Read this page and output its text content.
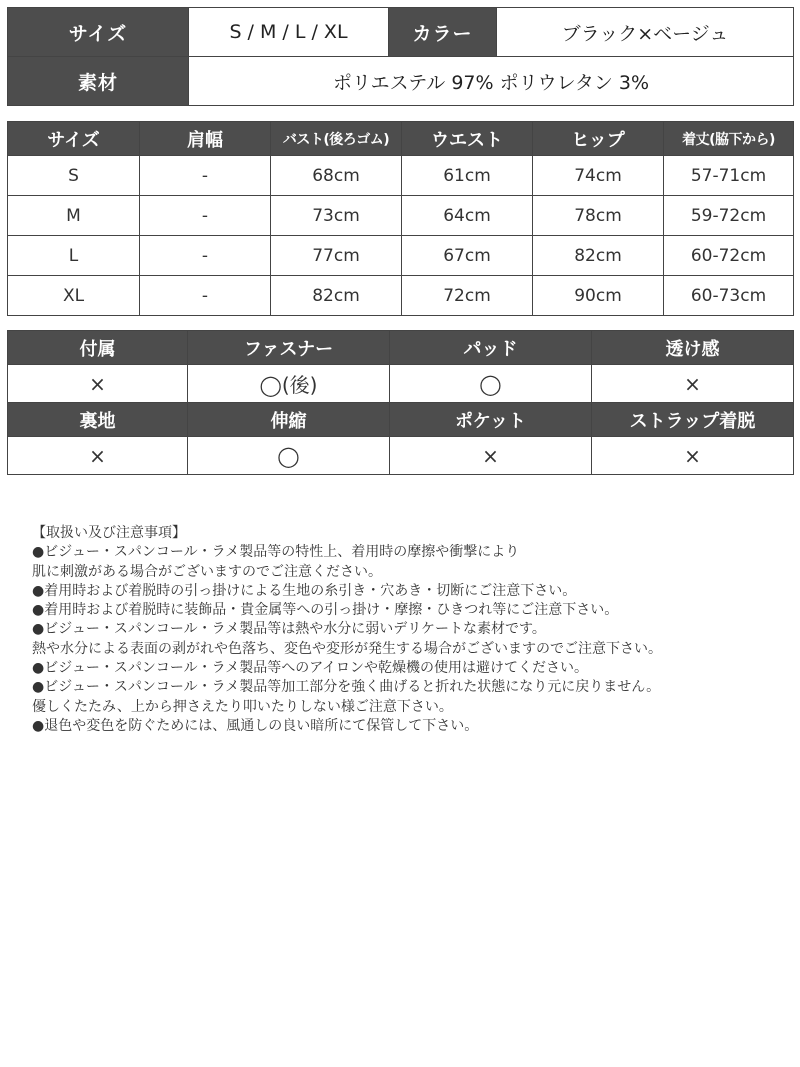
サイズ	S / M / L / XL	カラー	ブラック×ベージュ
素材	ポリエステル 97% ポリウレタン 3%		
サイズ	肩幅	バスト(後ろゴム)	ウエスト	ヒップ	着丈(脇下から)
S	-	68cm	61cm	74cm	57-71cm
M	-	73cm	64cm	78cm	59-72cm
L	-	77cm	67cm	82cm	60-72cm
XL	-	82cm	72cm	90cm	60-73cm
付属	ファスナー	パッド	透け感
×	◯(後)	◯	×
裏地	伸縮	ポケット	ストラップ着脱
×	◯	×	×
【取扱い及び注意事項】
●ビジュー・スパンコール・ラメ製品等の特性上、着用時の摩擦や衝撃により
肌に刺激がある場合がございますのでご注意ください。
●着用時および着脱時の引っ掛けによる生地の糸引き・穴あき・切断にご注意下さい。
●着用時および着脱時に装飾品・貴金属等への引っ掛け・摩擦・ひきつれ等にご注意下さい。
●ビジュー・スパンコール・ラメ製品等は熱や水分に弱いデリケートな素材です。
熱や水分による表面の剥がれや色落ち、変色や変形が発生する場合がございますのでご注意下さい。
●ビジュー・スパンコール・ラメ製品等へのアイロンや乾燥機の使用は避けてください。
●ビジュー・スパンコール・ラメ製品等加工部分を強く曲げると折れた状態になり元に戻りません。
優しくたたみ、上から押さえたり叩いたりしない様ご注意下さい。
●退色や変色を防ぐためには、風通しの良い暗所にて保管して下さい。
